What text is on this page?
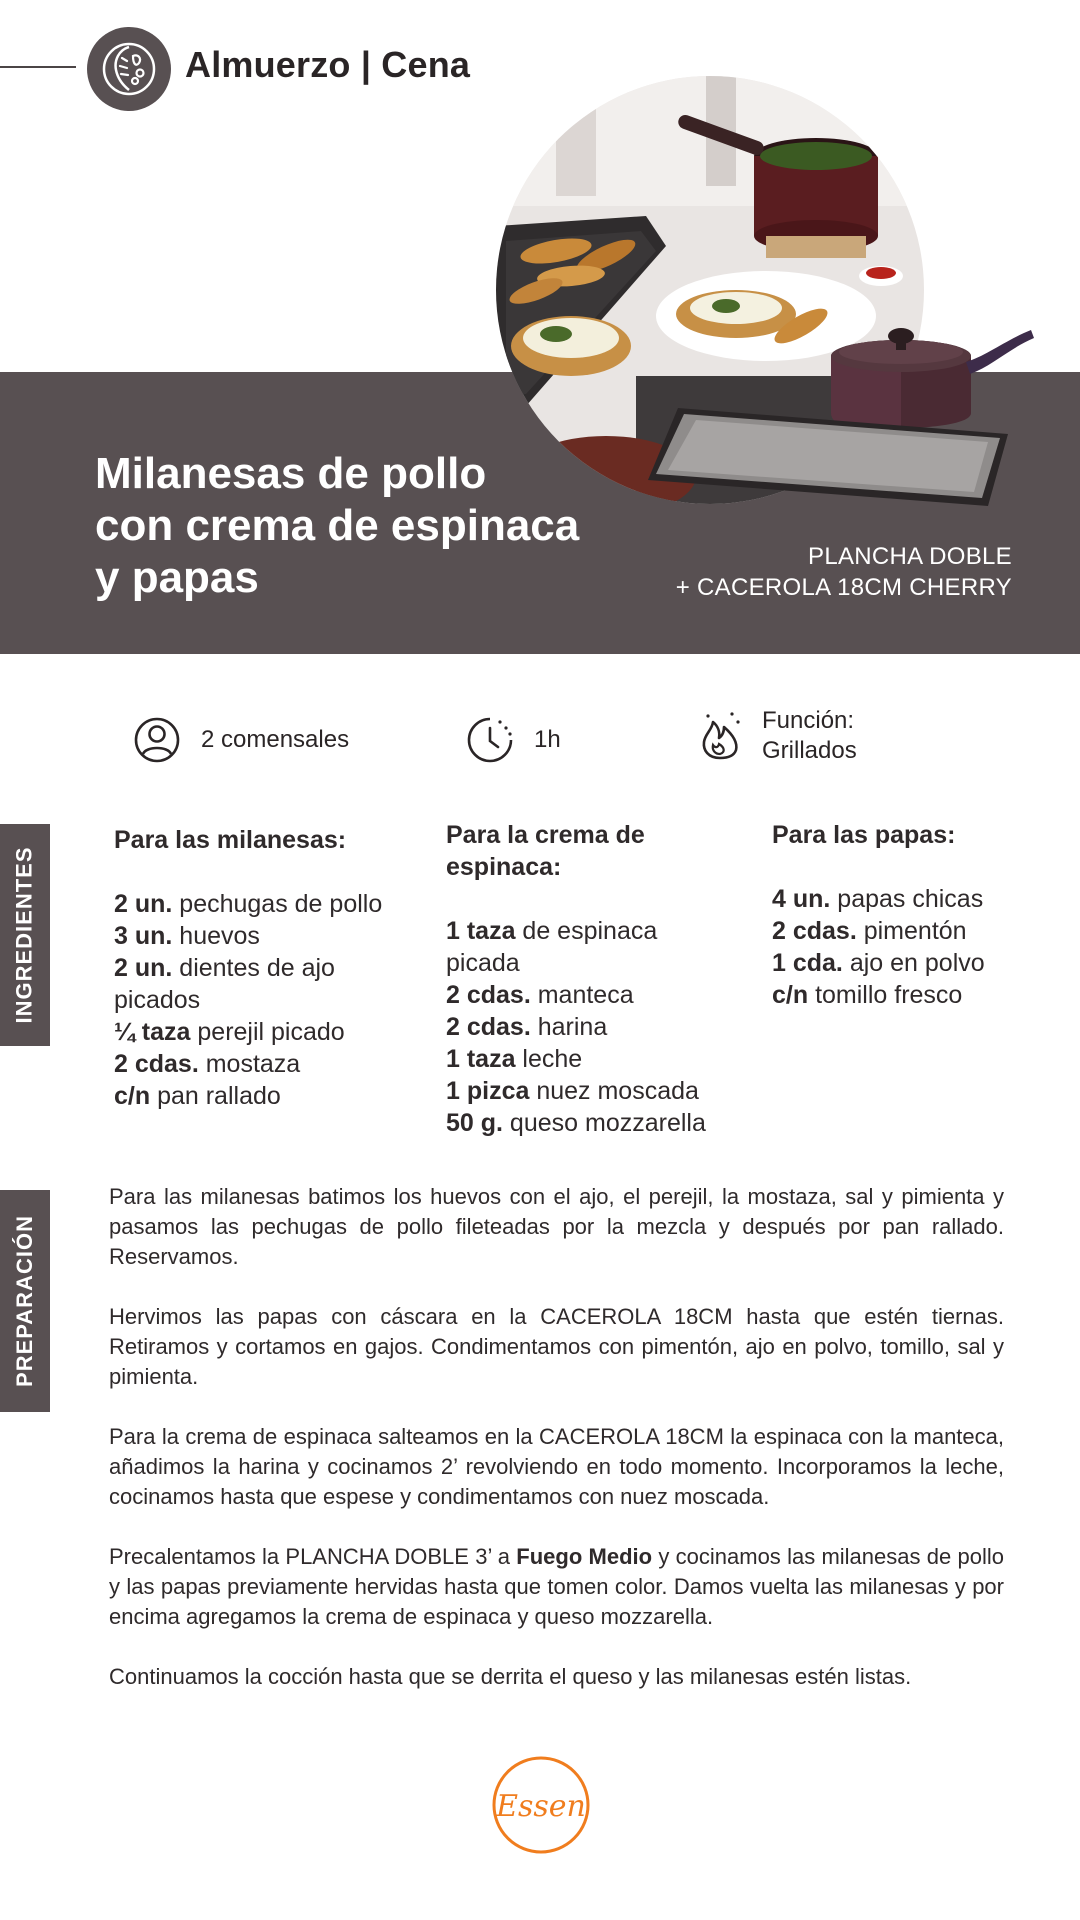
Almuerzo | Cena
Milanesas de pollo
con crema de espinaca
y papas	PLANCHA DOBLE
+ CACEROLA 18CM CHERRY
2 comensales	1h
Función:
Grillados
INGREDIENTES
Para las milanesas:
2 un. pechugas de pollo
3 un. huevos
2 un. dientes de ajo
picados
¼ taza perejil picado
2 cdas. mostaza
c/n pan rallado
Para la crema de
espinaca:
1 taza de espinaca
picada
2 cdas. manteca
2 cdas. harina
1 taza leche
1 pizca nuez moscada
50 g. queso mozzarella
Para las papas:
4 un. papas chicas
2 cdas. pimentón
1 cda. ajo en polvo
c/n tomillo fresco
PREPARACIÓN

Para las milanesas batimos los huevos con el ajo, el perejil, la mostaza, sal y pimienta y pasamos las pechugas de pollo fileteadas por la mezcla y después por pan rallado. Reservamos.

Hervimos las papas con cáscara en la CACEROLA 18CM hasta que estén tiernas. Retiramos y cortamos en gajos. Condimentamos con pimentón, ajo en polvo, tomillo, sal y pimienta.

Para la crema de espinaca salteamos en la CACEROLA 18CM la espinaca con la manteca, añadimos la harina y cocinamos 2’ revolviendo en todo momento. Incorporamos la leche, cocinamos hasta que espese y condimentamos con nuez moscada.

Precalentamos la PLANCHA DOBLE 3’ a Fuego Medio y cocinamos las milanesas de pollo y las papas previamente hervidas hasta que tomen color. Damos vuelta las milanesas y por encima agregamos la crema de espinaca y queso mozzarella.

Continuamos la cocción hasta que se derrita el queso y las milanesas estén listas.

Essen
